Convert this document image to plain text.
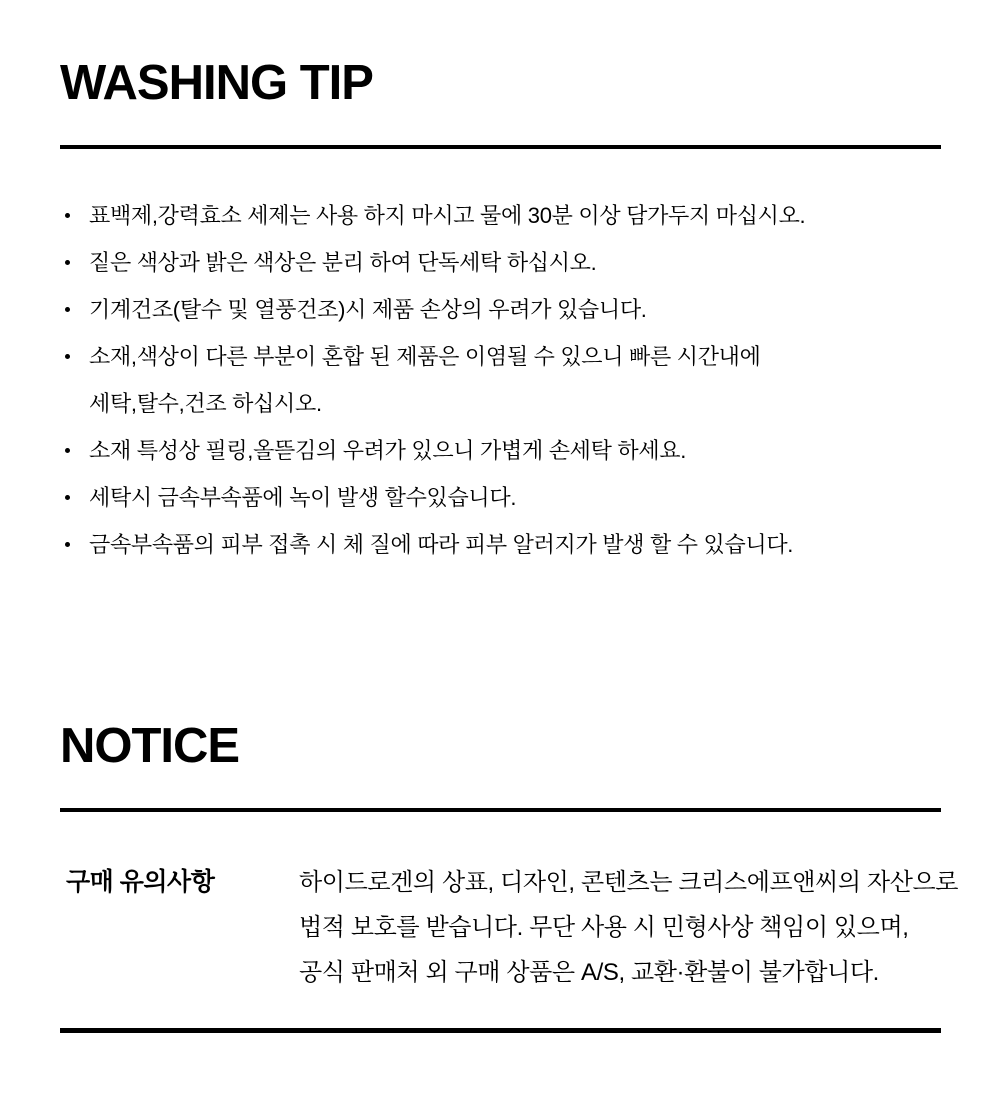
WASHING TIP
표백제,강력효소 세제는 사용 하지 마시고 물에 30분 이상 담가두지 마십시오.
짙은 색상과 밝은 색상은 분리 하여 단독세탁 하십시오.
기계건조(탈수 및 열풍건조)시 제품 손상의 우려가 있습니다.
소재,색상이 다른 부분이 혼합 된 제품은 이염될 수 있으니 빠른 시간내에
세탁,탈수,건조 하십시오.
소재 특성상 필링,올뜯김의 우려가 있으니 가볍게 손세탁 하세요.
세탁시 금속부속품에 녹이 발생 할수있습니다.
금속부속품의 피부 접촉 시 체 질에 따라 피부 알러지가 발생 할 수 있습니다.
NOTICE
구매 유의사항	하이드로겐의 상표, 디자인, 콘텐츠는 크리스에프앤씨의 자산으로
법적 보호를 받습니다. 무단 사용 시 민형사상 책임이 있으며,
공식 판매처 외 구매 상품은 A/S, 교환·환불이 불가합니다.
